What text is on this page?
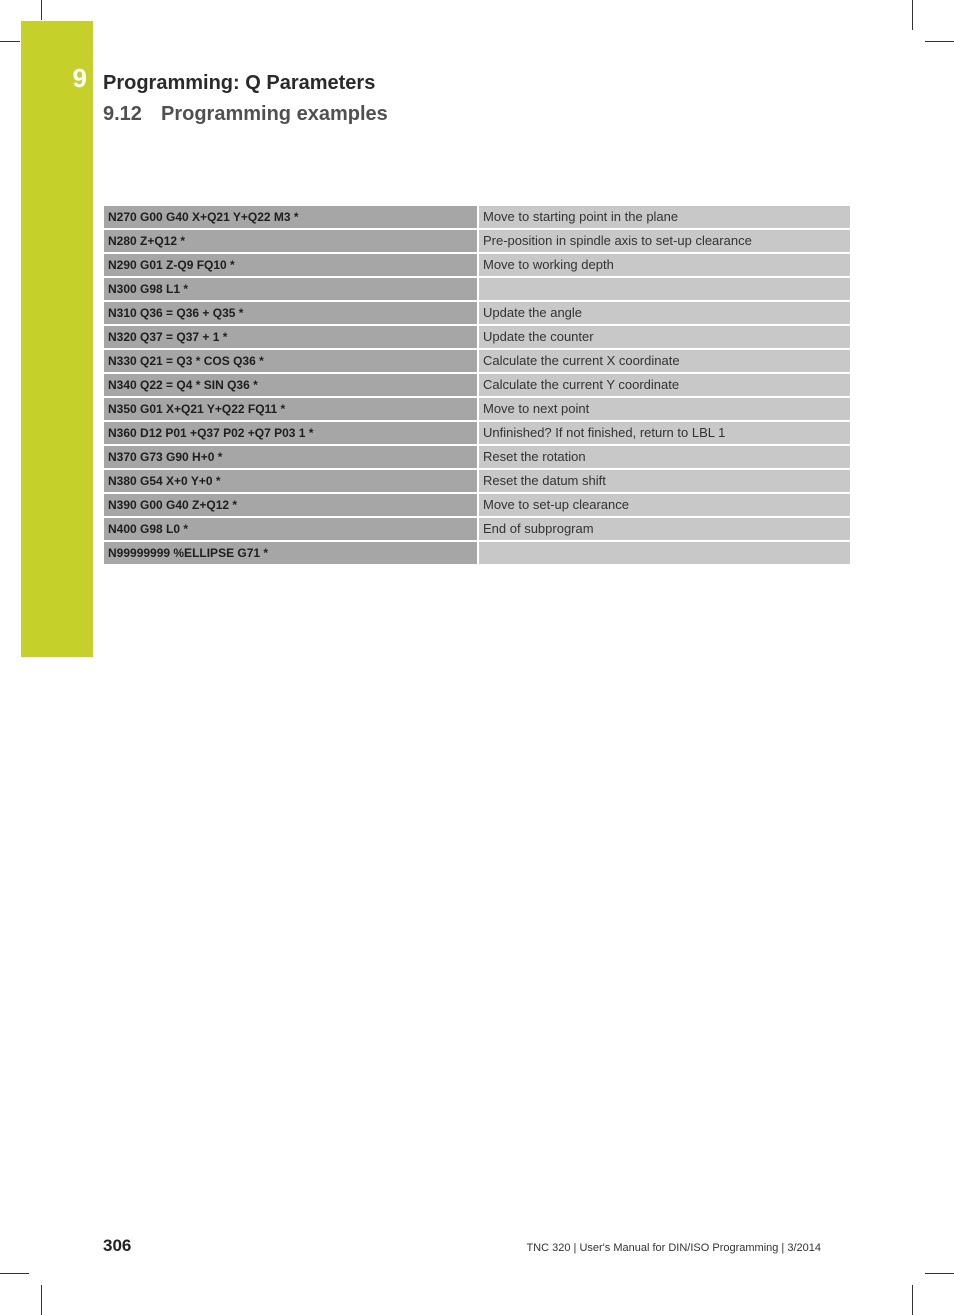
9 Programming: Q Parameters
9.12 Programming examples
N270 G00 G40 X+Q21 Y+Q22 M3 *	Move to starting point in the plane
N280 Z+Q12 *	Pre-position in spindle axis to set-up clearance
N290 G01 Z-Q9 FQ10 *	Move to working depth
N300 G98 L1 *
N310 Q36 = Q36 + Q35 *	Update the angle
N320 Q37 = Q37 + 1 *	Update the counter
N330 Q21 = Q3 * COS Q36 *	Calculate the current X coordinate
N340 Q22 = Q4 * SIN Q36 *	Calculate the current Y coordinate
N350 G01 X+Q21 Y+Q22 FQ11 *	Move to next point
N360 D12 P01 +Q37 P02 +Q7 P03 1 *	Unfinished? If not finished, return to LBL 1
N370 G73 G90 H+0 *	Reset the rotation
N380 G54 X+0 Y+0 *	Reset the datum shift
N390 G00 G40 Z+Q12 *	Move to set-up clearance
N400 G98 L0 *	End of subprogram
N99999999 %ELLIPSE G71 *
306	TNC 320 | User's Manual for DIN/ISO Programming | 3/2014
